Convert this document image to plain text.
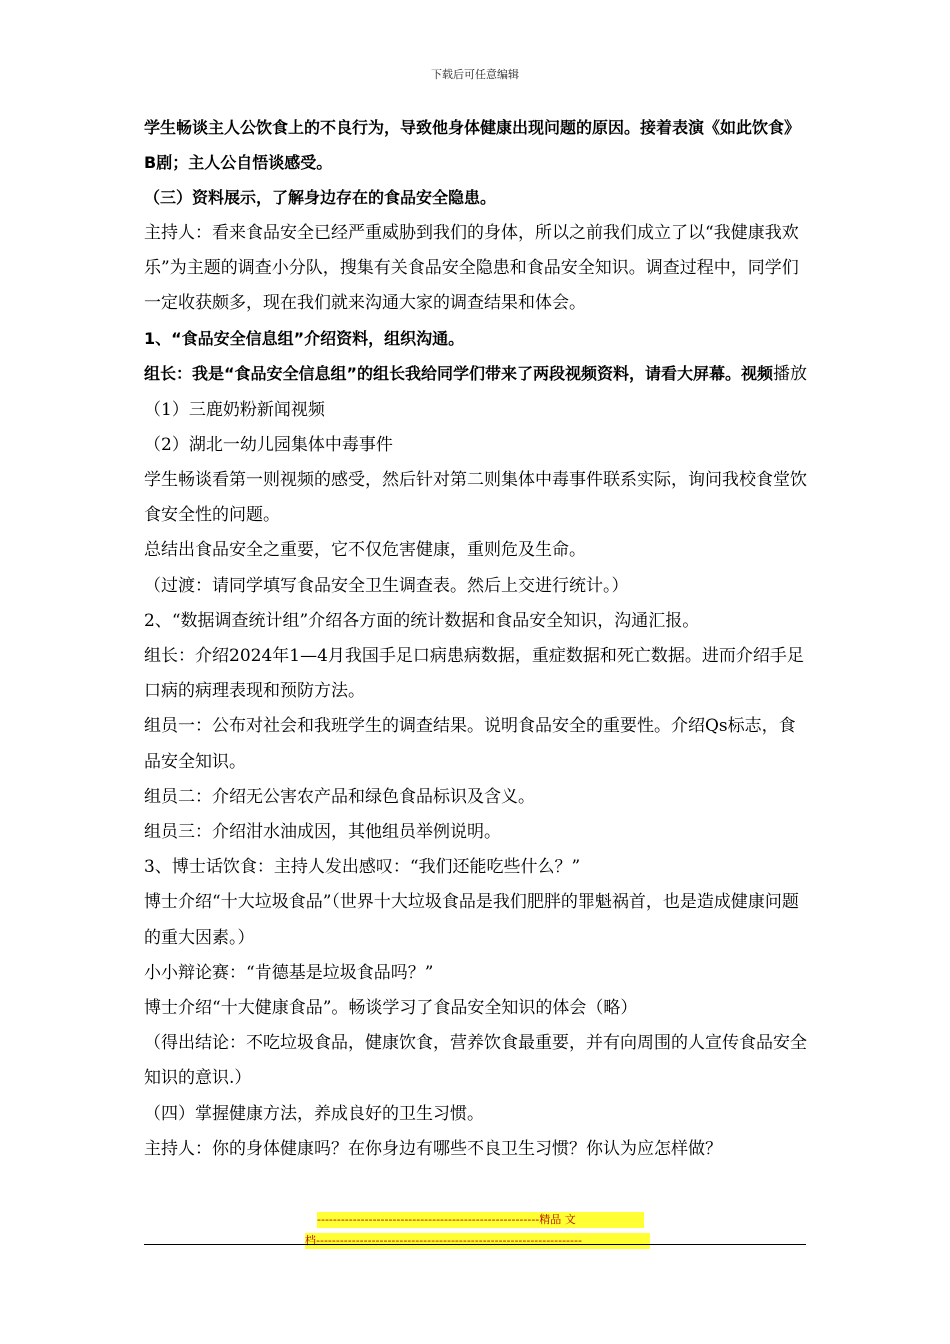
下载后可任意编辑

学生畅谈主人公饮食上的不良行为，导致他身体健康出现问题的原因。接着表演《如此饮食》B剧；主人公自悟谈感受。

（三）资料展示，了解身边存在的食品安全隐患。

主持人：看来食品安全已经严重威胁到我们的身体，所以之前我们成立了以“我健康我欢乐”为主题的调查小分队，搜集有关食品安全隐患和食品安全知识。调查过程中，同学们一定收获颇多，现在我们就来沟通大家的调查结果和体会。

1、“食品安全信息组”介绍资料，组织沟通。

组长：我是“食品安全信息组”的组长我给同学们带来了两段视频资料，请看大屏幕。视频播放（1）三鹿奶粉新闻视频

（2）湖北一幼儿园集体中毒事件

学生畅谈看第一则视频的感受，然后针对第二则集体中毒事件联系实际，询问我校食堂饮食安全性的问题。

总结出食品安全之重要，它不仅危害健康，重则危及生命。

（过渡：请同学填写食品安全卫生调查表。然后上交进行统计。）

2、“数据调查统计组”介绍各方面的统计数据和食品安全知识，沟通汇报。

组长：介绍2024年1—4月我国手足口病患病数据，重症数据和死亡数据。进而介绍手足口病的病理表现和预防方法。

组员一：公布对社会和我班学生的调查结果。说明食品安全的重要性。介绍Qs标志，食品安全知识。

组员二：介绍无公害农产品和绿色食品标识及含义。

组员三：介绍泔水油成因，其他组员举例说明。

3、博士话饮食：主持人发出感叹：“我们还能吃些什么？”

博士介绍“十大垃圾食品”（世界十大垃圾食品是我们肥胖的罪魁祸首，也是造成健康问题的重大因素。）

小小辩论赛：“肯德基是垃圾食品吗？”

博士介绍“十大健康食品”。畅谈学习了食品安全知识的体会（略）

（得出结论：不吃垃圾食品，健康饮食，营养饮食最重要，并有向周围的人宣传食品安全知识的意识.）

（四）掌握健康方法，养成良好的卫生习惯。

主持人：你的身体健康吗？在你身边有哪些不良卫生习惯？你认为应怎样做？

--------------------------------------------------------精品 文
档-------------------------------------------------------------------
